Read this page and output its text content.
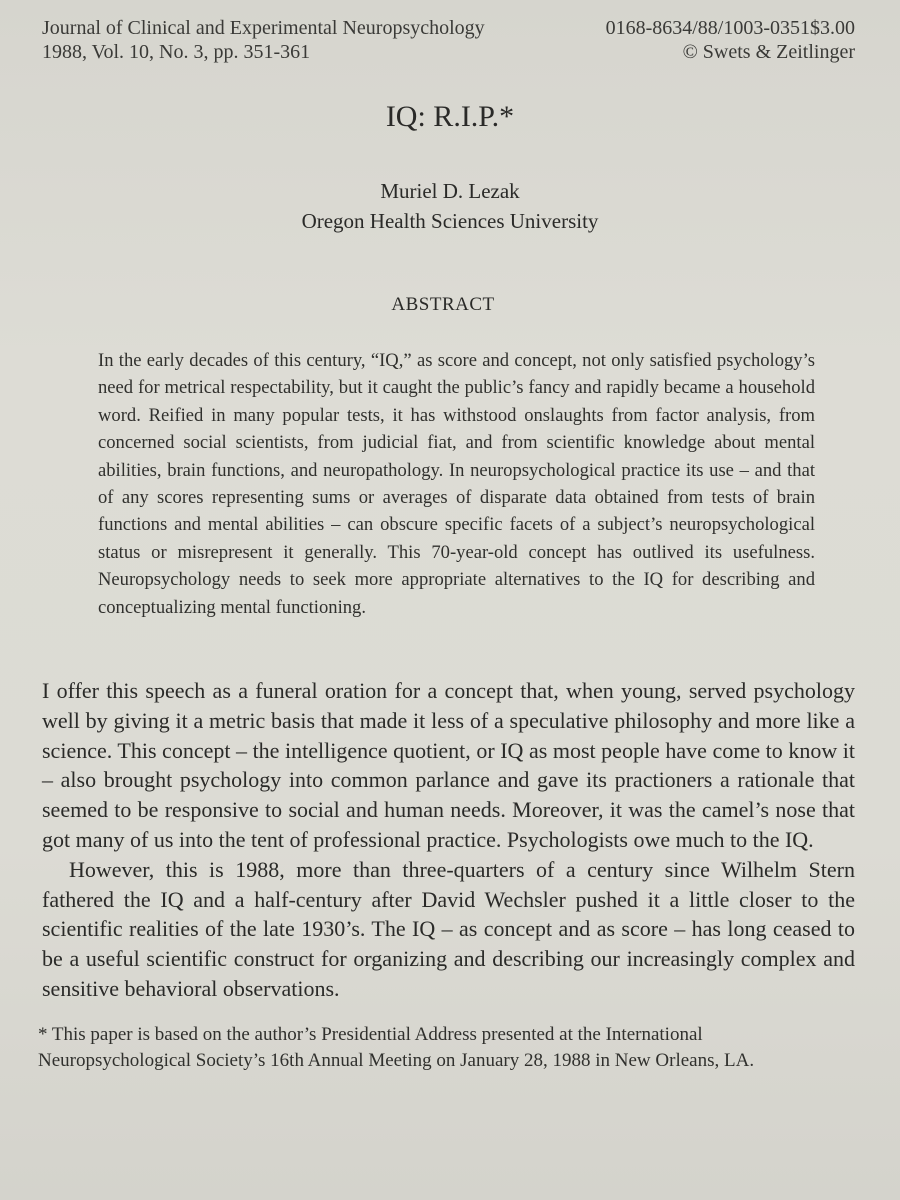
Journal of Clinical and Experimental Neuropsychology
1988, Vol. 10, No. 3, pp. 351-361
0168-8634/88/1003-0351$3.00
© Swets & Zeitlinger
IQ: R.I.P.*
Muriel D. Lezak
Oregon Health Sciences University
ABSTRACT
In the early decades of this century, “IQ,” as score and concept, not only satisfied psychology’s need for metrical respectability, but it caught the public’s fancy and rapidly became a household word. Reified in many popular tests, it has withstood onslaughts from factor analysis, from concerned social scientists, from judicial fiat, and from scientific knowledge about mental abilities, brain functions, and neuropathology. In neuropsychological practice its use – and that of any scores representing sums or averages of disparate data obtained from tests of brain functions and mental abilities – can obscure specific facets of a subject’s neuropsychological status or misrepresent it generally. This 70-year-old concept has outlived its usefulness. Neuropsychology needs to seek more appropriate alternatives to the IQ for describing and conceptualizing mental functioning.

I offer this speech as a funeral oration for a concept that, when young, served psychology well by giving it a metric basis that made it less of a speculative philosophy and more like a science. This concept – the intelligence quotient, or IQ as most people have come to know it – also brought psychology into common parlance and gave its practioners a rationale that seemed to be responsive to social and human needs. Moreover, it was the camel’s nose that got many of us into the tent of professional practice. Psychologists owe much to the IQ.

However, this is 1988, more than three-quarters of a century since Wilhelm Stern fathered the IQ and a half-century after David Wechsler pushed it a little closer to the scientific realities of the late 1930’s. The IQ – as concept and as score – has long ceased to be a useful scientific construct for organizing and describing our increasingly complex and sensitive behavioral observations.

* This paper is based on the author’s Presidential Address presented at the International Neuropsychological Society’s 16th Annual Meeting on January 28, 1988 in New Orleans, LA.
